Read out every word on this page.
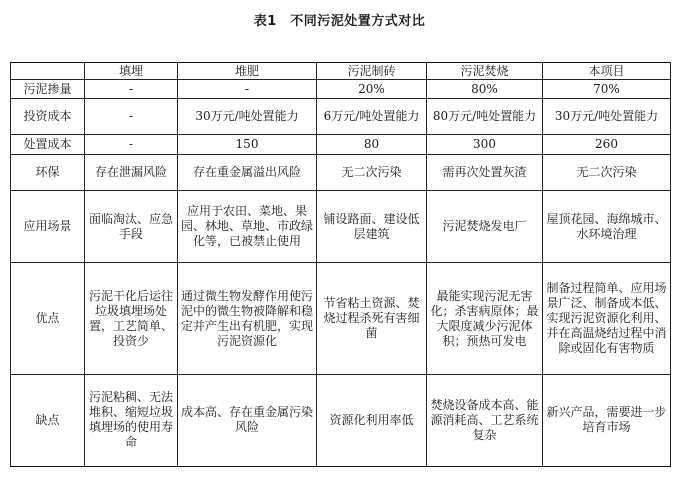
表1　不同污泥处置方式对比
	填埋	堆肥	污泥制砖	污泥焚烧	本项目
污泥掺量	-	-	20%	80%	70%
投资成本	-	30万元/吨处置能力	6万元/吨处置能力	80万元/吨处置能力	30万元/吨处置能力
处置成本	-	150	80	300	260
环保	存在泄漏风险	存在重金属溢出风险	无二次污染	需再次处置灰渣	无二次污染
应用场景	面临淘汰、应急手段	应用于农田、菜地、果园、林地、草地、市政绿化等，已被禁止使用	铺设路面、建设低层建筑	污泥焚烧发电厂	屋顶花园、海绵城市、水环境治理
优点	污泥干化后运往垃圾填埋场处置，工艺简单、投资少	通过微生物发酵作用使污泥中的微生物被降解和稳定并产生出有机肥，实现污泥资源化	节省粘土资源、焚烧过程杀死有害细菌	最能实现污泥无害化；杀害病原体；最大限度减少污泥体积；预热可发电	制备过程简单、应用场景广泛、制备成本低、实现污泥资源化利用、并在高温烧结过程中消除或固化有害物质
缺点	污泥粘稠、无法堆积、缩短垃圾填埋场的使用寿命	成本高、存在重金属污染风险	资源化利用率低	焚烧设备成本高、能源消耗高、工艺系统复杂	新兴产品，需要进一步培育市场
